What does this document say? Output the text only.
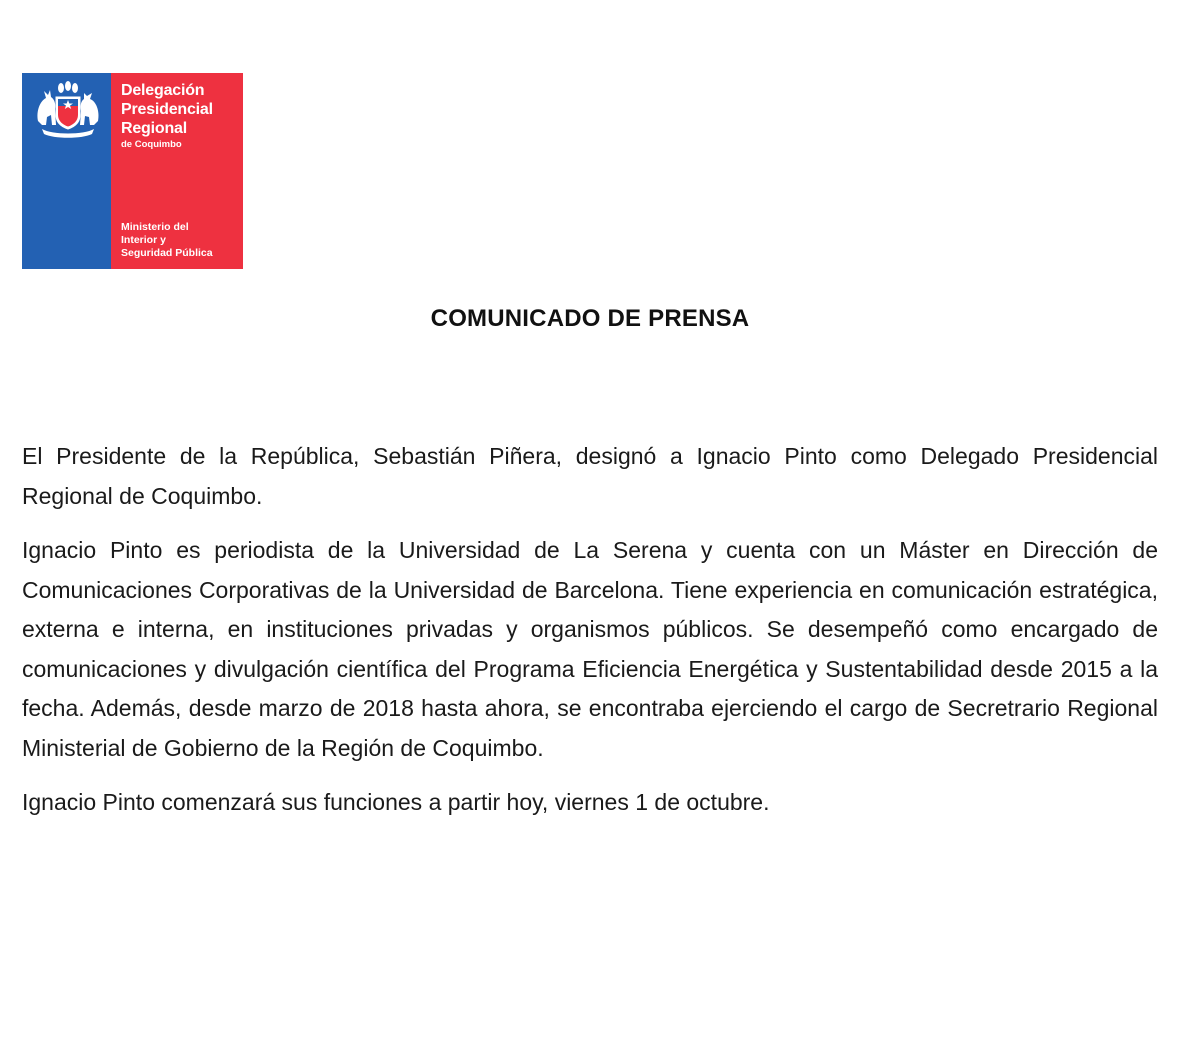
Delegación
Presidencial
Regional
de Coquimbo
Ministerio del
Interior y
Seguridad Pública
COMUNICADO DE PRENSA

El Presidente de la República, Sebastián Piñera, designó a Ignacio Pinto como Delegado Presidencial Regional de Coquimbo.

Ignacio Pinto es periodista de la Universidad de La Serena y cuenta con un Máster en Dirección de Comunicaciones Corporativas de la Universidad de Barcelona. Tiene experiencia en comunicación estratégica, externa e interna, en instituciones privadas y organismos públicos. Se desempeñó como encargado de comunicaciones y divulgación científica del Programa Eficiencia Energética y Sustentabilidad desde 2015 a la fecha. Además, desde marzo de 2018 hasta ahora, se encontraba ejerciendo el cargo de Secretrario Regional Ministerial de Gobierno de la Región de Coquimbo.

Ignacio Pinto comenzará sus funciones a partir hoy, viernes 1 de octubre.
